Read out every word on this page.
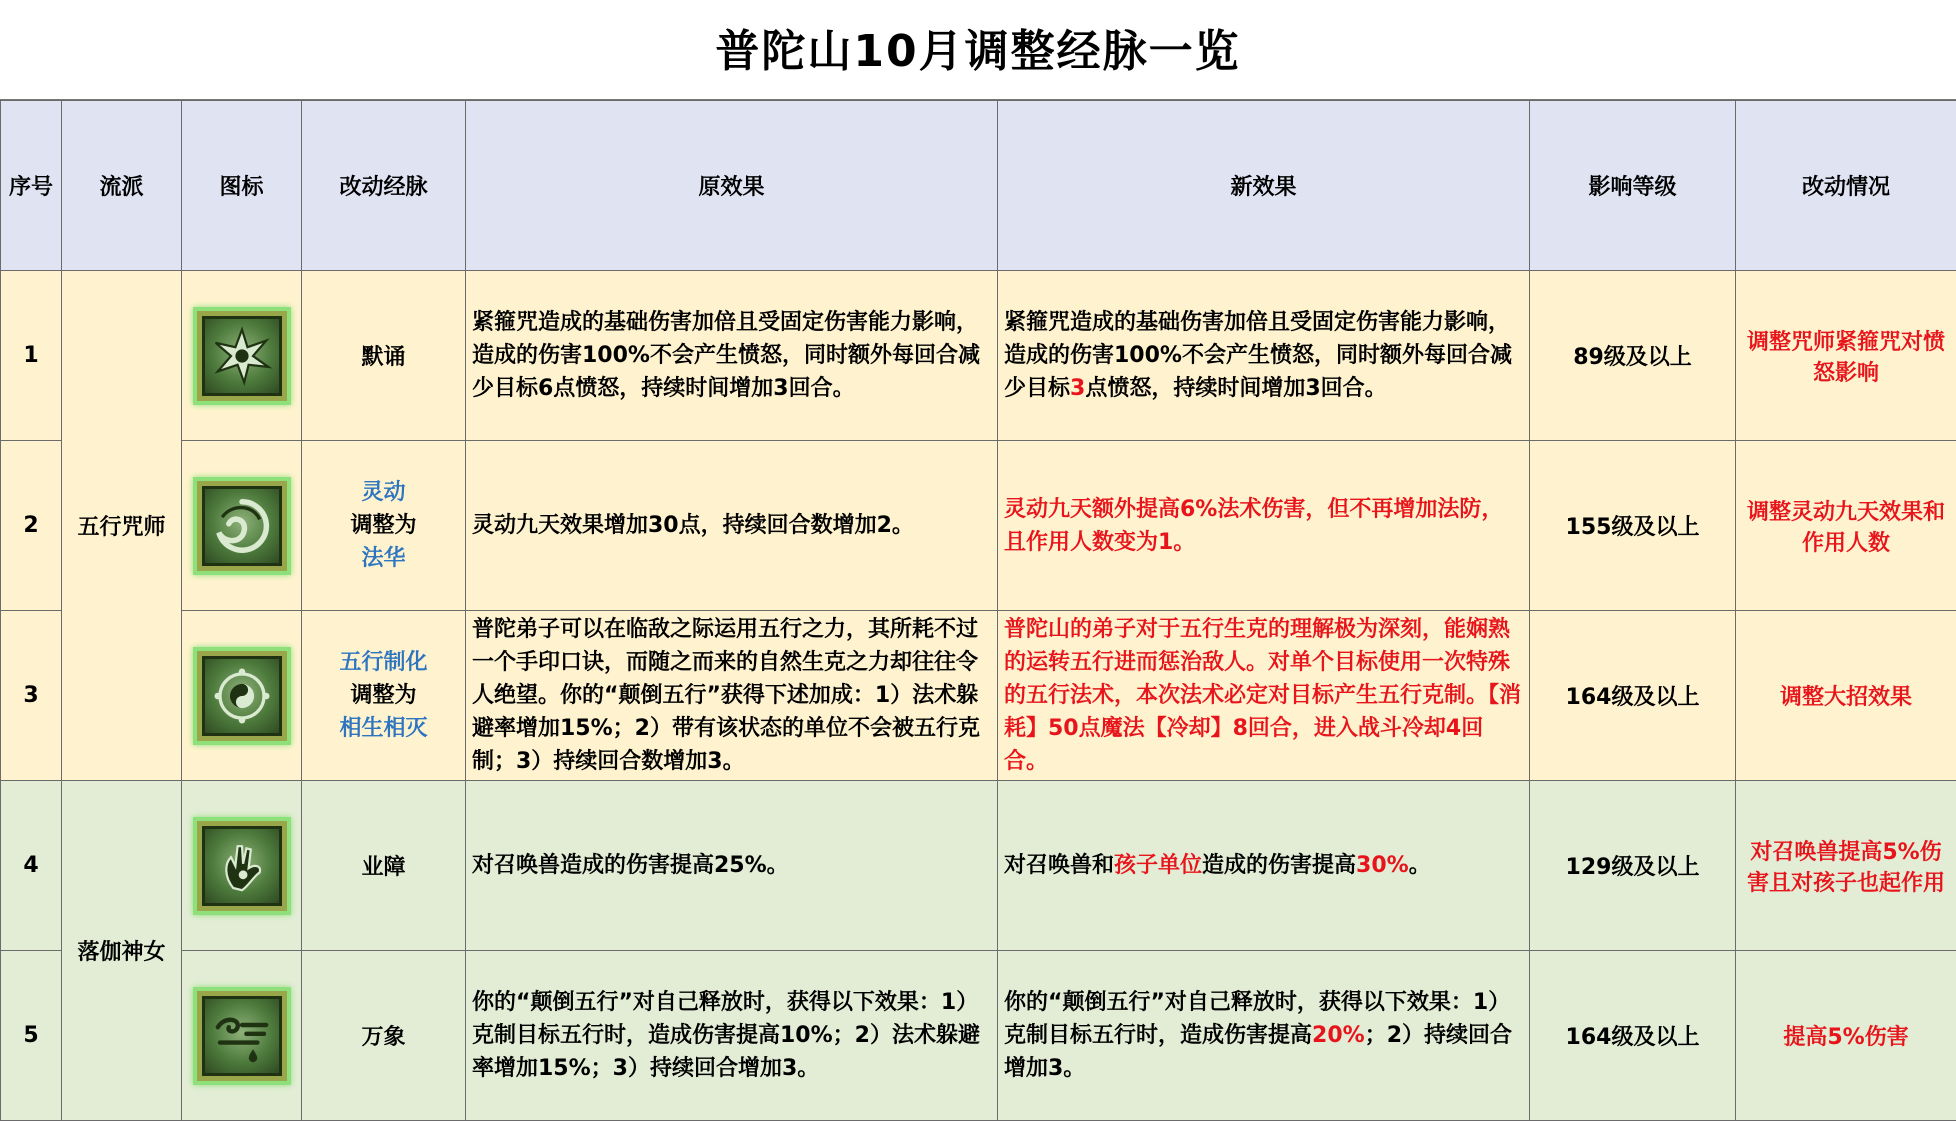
普陀山10月调整经脉一览
序号	流派	图标	改动经脉	原效果	新效果	影响等级	改动情况
1	五行咒师		默诵	紧箍咒造成的基础伤害加倍且受固定伤害能力影响，造成的伤害100%不会产生愤怒，同时额外每回合减少目标6点愤怒，持续时间增加3回合。	紧箍咒造成的基础伤害加倍且受固定伤害能力影响，造成的伤害100%不会产生愤怒，同时额外每回合减少目标3点愤怒，持续时间增加3回合。	89级及以上	调整咒师紧箍咒对愤怒影响
2			灵动
调整为
法华	灵动九天效果增加30点，持续回合数增加2。	灵动九天额外提高6%法术伤害，但不再增加法防，且作用人数变为1。	155级及以上	调整灵动九天效果和作用人数
3			五行制化
调整为
相生相灭	普陀弟子可以在临敌之际运用五行之力，其所耗不过一个手印口诀，而随之而来的自然生克之力却往往令人绝望。你的“颠倒五行”获得下述加成：1）法术躲避率增加15%；2）带有该状态的单位不会被五行克制；3）持续回合数增加3。	普陀山的弟子对于五行生克的理解极为深刻，能娴熟的运转五行进而惩治敌人。对单个目标使用一次特殊的五行法术，本次法术必定对目标产生五行克制。【消耗】50点魔法【冷却】8回合，进入战斗冷却4回合。	164级及以上	调整大招效果
4	落伽神女		业障	对召唤兽造成的伤害提高25%。	对召唤兽和孩子单位造成的伤害提高30%。	129级及以上	对召唤兽提高5%伤害且对孩子也起作用
5			万象	你的“颠倒五行”对自己释放时，获得以下效果：1）克制目标五行时，造成伤害提高10%；2）法术躲避率增加15%；3）持续回合增加3。	你的“颠倒五行”对自己释放时，获得以下效果：1）克制目标五行时，造成伤害提高20%；2）持续回合增加3。	164级及以上	提高5%伤害
